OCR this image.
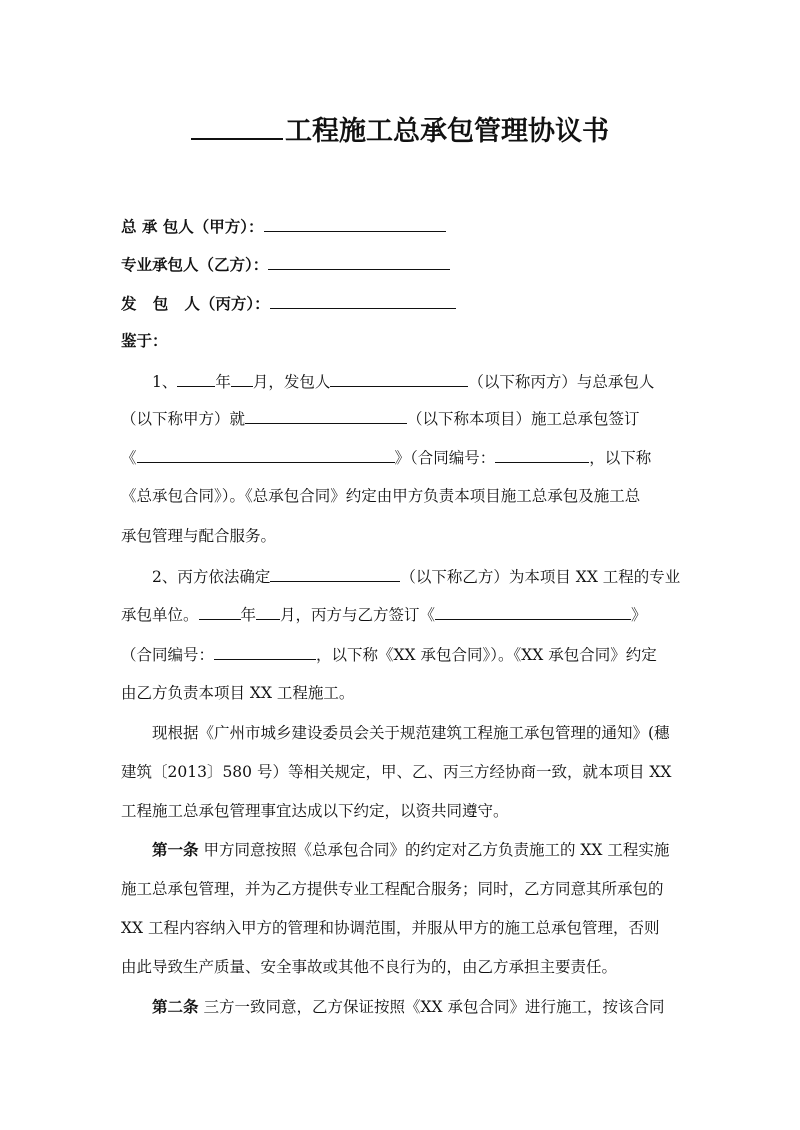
工程施工总承包管理协议书
总 承 包人（甲方）：
专业承包人（乙方）：
发   包   人（丙方）：
鉴于：
1、 年 月，发包人	（以下称丙方）与总承包人
（以下称甲方）就	（以下称本项目）施工总承包签订
《	》（合同编号：	，以下称
《总承包合同》）。《总承包合同》约定由甲方负责本项目施工总承包及施工总
承包管理与配合服务。
2、丙方依法确定	（以下称乙方）为本项目 XX 工程的专业
承包单位。	年 月，丙方与乙方签订《	》
（合同编号：	，以下称《XX 承包合同》）。《XX 承包合同》约定
由乙方负责本项目 XX 工程施工。
现根据《广州市城乡建设委员会关于规范建筑工程施工承包管理的通知》(穗
建筑〔2013〕580 号）等相关规定，甲、乙、丙三方经协商一致，就本项目 XX
工程施工总承包管理事宜达成以下约定，以资共同遵守。
第一条 甲方同意按照《总承包合同》的约定对乙方负责施工的 XX 工程实施
施工总承包管理，并为乙方提供专业工程配合服务；同时，乙方同意其所承包的
XX 工程内容纳入甲方的管理和协调范围，并服从甲方的施工总承包管理，否则
由此导致生产质量、安全事故或其他不良行为的，由乙方承担主要责任。
第二条 三方一致同意，乙方保证按照《XX 承包合同》进行施工，按该合同
